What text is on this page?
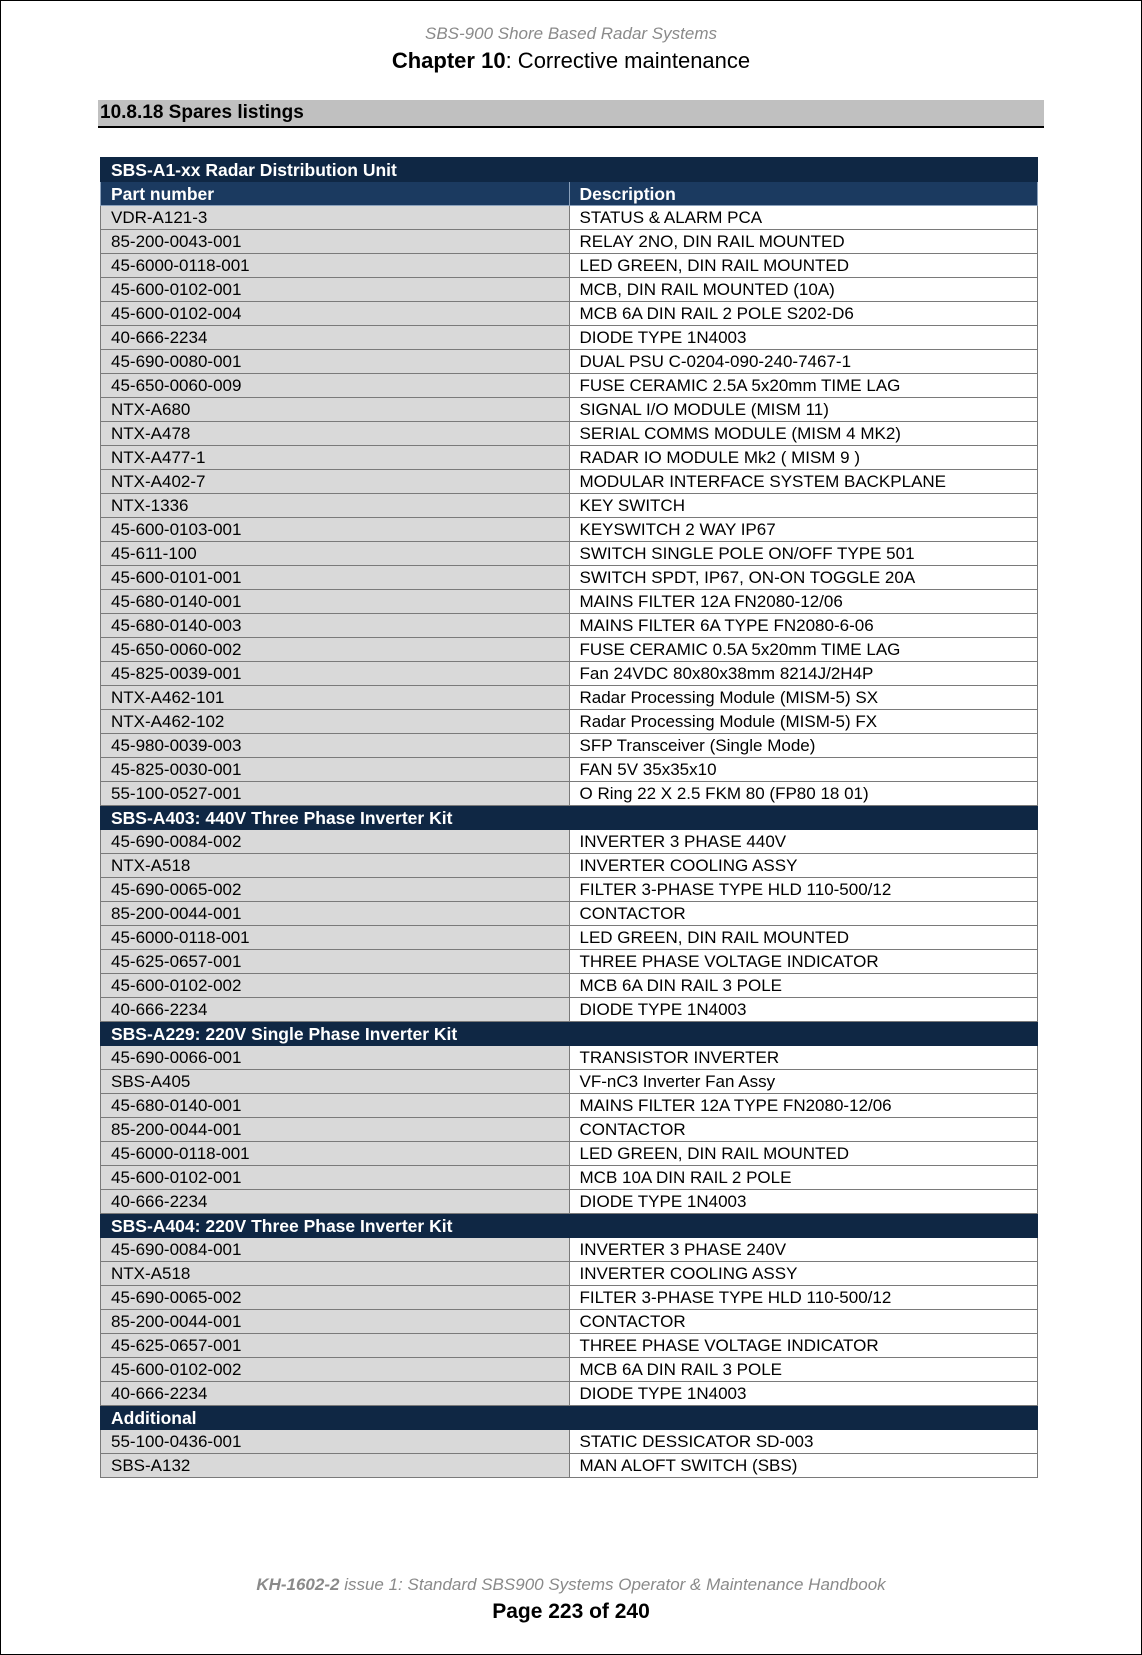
SBS-900 Shore Based Radar Systems
Chapter 10: Corrective maintenance
10.8.18 Spares listings
SBS-A1-xx Radar Distribution Unit	
Part number	Description
VDR-A121-3	STATUS & ALARM PCA
85-200-0043-001	RELAY 2NO, DIN RAIL MOUNTED
45-6000-0118-001	LED GREEN, DIN RAIL MOUNTED
45-600-0102-001	MCB, DIN RAIL MOUNTED (10A)
45-600-0102-004	MCB 6A DIN RAIL 2 POLE S202-D6
40-666-2234	DIODE TYPE 1N4003
45-690-0080-001	DUAL PSU C-0204-090-240-7467-1
45-650-0060-009	FUSE CERAMIC 2.5A 5x20mm TIME LAG
NTX-A680	SIGNAL I/O MODULE (MISM 11)
NTX-A478	SERIAL COMMS MODULE (MISM 4 MK2)
NTX-A477-1	RADAR IO MODULE Mk2 ( MISM 9 )
NTX-A402-7	MODULAR INTERFACE SYSTEM BACKPLANE
NTX-1336	KEY SWITCH
45-600-0103-001	KEYSWITCH 2 WAY IP67
45-611-100	SWITCH SINGLE POLE ON/OFF TYPE 501
45-600-0101-001	SWITCH SPDT, IP67, ON-ON TOGGLE 20A
45-680-0140-001	MAINS FILTER 12A FN2080-12/06
45-680-0140-003	MAINS FILTER 6A TYPE FN2080-6-06
45-650-0060-002	FUSE CERAMIC 0.5A 5x20mm TIME LAG
45-825-0039-001	Fan 24VDC 80x80x38mm 8214J/2H4P
NTX-A462-101	Radar Processing Module (MISM-5) SX
NTX-A462-102	Radar Processing Module (MISM-5) FX
45-980-0039-003	SFP Transceiver (Single Mode)
45-825-0030-001	FAN 5V 35x35x10
55-100-0527-001	O Ring 22 X 2.5 FKM 80 (FP80 18 01)
SBS-A403: 440V Three Phase Inverter Kit	
45-690-0084-002	INVERTER 3 PHASE 440V
NTX-A518	INVERTER COOLING ASSY
45-690-0065-002	FILTER 3-PHASE TYPE HLD 110-500/12
85-200-0044-001	CONTACTOR
45-6000-0118-001	LED GREEN, DIN RAIL MOUNTED
45-625-0657-001	THREE PHASE VOLTAGE INDICATOR
45-600-0102-002	MCB 6A DIN RAIL 3 POLE
40-666-2234	DIODE TYPE 1N4003
SBS-A229: 220V Single Phase Inverter Kit	
45-690-0066-001	TRANSISTOR INVERTER
SBS-A405	VF-nC3 Inverter Fan Assy
45-680-0140-001	MAINS FILTER 12A TYPE FN2080-12/06
85-200-0044-001	CONTACTOR
45-6000-0118-001	LED GREEN, DIN RAIL MOUNTED
45-600-0102-001	MCB 10A DIN RAIL 2 POLE
40-666-2234	DIODE TYPE 1N4003
SBS-A404: 220V Three Phase Inverter Kit	
45-690-0084-001	INVERTER 3 PHASE 240V
NTX-A518	INVERTER COOLING ASSY
45-690-0065-002	FILTER 3-PHASE TYPE HLD 110-500/12
85-200-0044-001	CONTACTOR
45-625-0657-001	THREE PHASE VOLTAGE INDICATOR
45-600-0102-002	MCB 6A DIN RAIL 3 POLE
40-666-2234	DIODE TYPE 1N4003
Additional	
55-100-0436-001	STATIC DESSICATOR SD-003
SBS-A132	MAN ALOFT SWITCH (SBS)
KH-1602-2 issue 1: Standard SBS900 Systems Operator & Maintenance Handbook
Page 223 of 240
